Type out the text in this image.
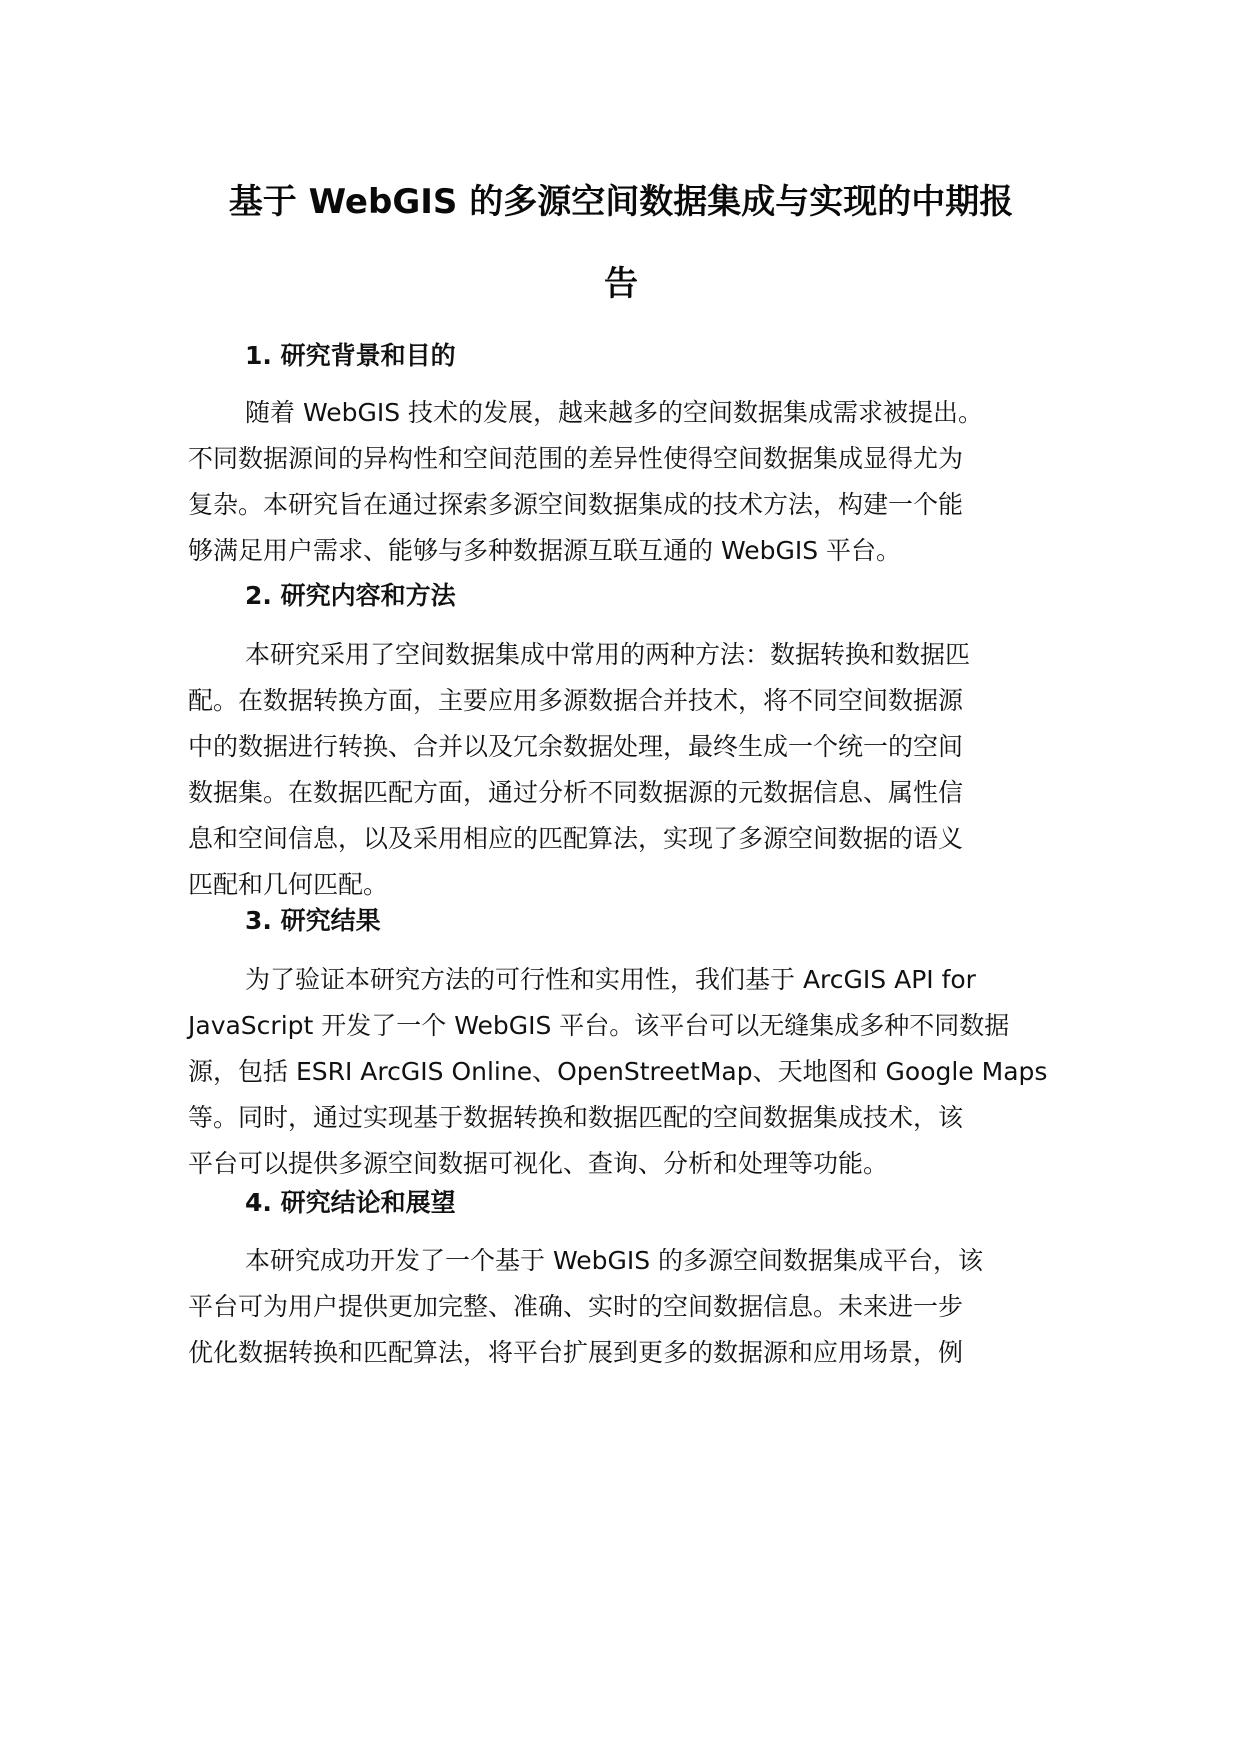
基于 WebGIS 的多源空间数据集成与实现的中期报
告
1. 研究背景和目的
随着 WebGIS 技术的发展，越来越多的空间数据集成需求被提出。
不同数据源间的异构性和空间范围的差异性使得空间数据集成显得尤为
复杂。本研究旨在通过探索多源空间数据集成的技术方法，构建一个能
够满足用户需求、能够与多种数据源互联互通的 WebGIS 平台。
2. 研究内容和方法
本研究采用了空间数据集成中常用的两种方法：数据转换和数据匹
配。在数据转换方面，主要应用多源数据合并技术，将不同空间数据源
中的数据进行转换、合并以及冗余数据处理，最终生成一个统一的空间
数据集。在数据匹配方面，通过分析不同数据源的元数据信息、属性信
息和空间信息，以及采用相应的匹配算法，实现了多源空间数据的语义
匹配和几何匹配。
3. 研究结果
为了验证本研究方法的可行性和实用性，我们基于 ArcGIS API for
JavaScript 开发了一个 WebGIS 平台。该平台可以无缝集成多种不同数据
源，包括 ESRI ArcGIS Online、OpenStreetMap、天地图和 Google Maps
等。同时，通过实现基于数据转换和数据匹配的空间数据集成技术，该
平台可以提供多源空间数据可视化、查询、分析和处理等功能。
4. 研究结论和展望
本研究成功开发了一个基于 WebGIS 的多源空间数据集成平台，该
平台可为用户提供更加完整、准确、实时的空间数据信息。未来进一步
优化数据转换和匹配算法，将平台扩展到更多的数据源和应用场景，例
